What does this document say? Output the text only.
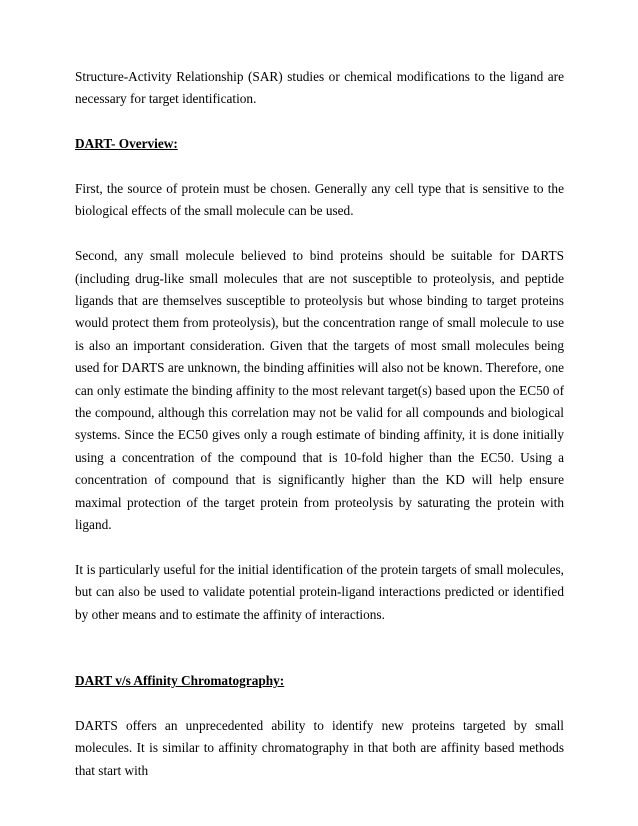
Structure-Activity Relationship (SAR) studies or chemical modifications to the ligand are necessary for target identification.

DART- Overview:

First, the source of protein must be chosen. Generally any cell type that is sensitive to the biological effects of the small molecule can be used.

Second, any small molecule believed to bind proteins should be suitable for DARTS (including drug-like small molecules that are not susceptible to proteolysis, and peptide ligands that are themselves susceptible to proteolysis but whose binding to target proteins would protect them from proteolysis), but the concentration range of small molecule to use is also an important consideration. Given that the targets of most small molecules being used for DARTS are unknown, the binding affinities will also not be known. Therefore, one can only estimate the binding affinity to the most relevant target(s) based upon the EC50 of the compound, although this correlation may not be valid for all compounds and biological systems. Since the EC50 gives only a rough estimate of binding affinity, it is done initially using a concentration of the compound that is 10-fold higher than the EC50. Using a concentration of compound that is significantly higher than the KD will help ensure maximal protection of the target protein from proteolysis by saturating the protein with ligand.

It is particularly useful for the initial identification of the protein targets of small molecules, but can also be used to validate potential protein-ligand interactions predicted or identified by other means and to estimate the affinity of interactions.

DART v/s Affinity Chromatography:

DARTS offers an unprecedented ability to identify new proteins targeted by small molecules. It is similar to affinity chromatography in that both are affinity based methods that start with
